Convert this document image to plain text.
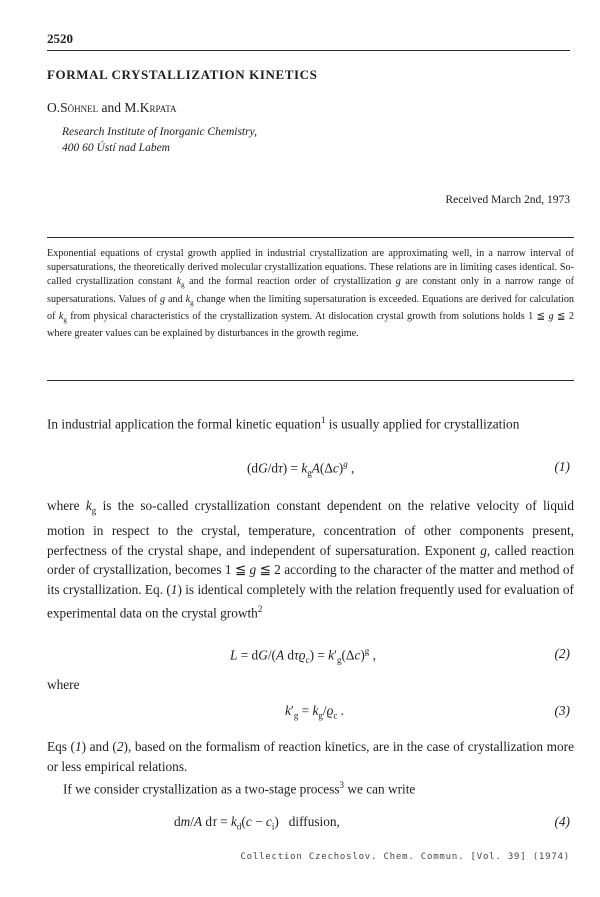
2520
FORMAL CRYSTALLIZATION KINETICS
O.Söhnel and M.Krpata
Research Institute of Inorganic Chemistry,
400 60 Ústí nad Labem
Received March 2nd, 1973
Exponential equations of crystal growth applied in industrial crystallization are approximating well, in a narrow interval of supersaturations, the theoretically derived molecular crystallization equations. These relations are in limiting cases identical. So-called crystallization constant $k_g$ and the formal reaction order of crystallization g are constant only in a narrow range of supersaturations. Values of g and $k_g$ change when the limiting supersaturation is exceeded. Equations are derived for calculation of $k_g$ from physical characteristics of the crystallization system. At dislocation crystal growth from solutions holds 1 ≦ g ≦ 2 where greater values can be explained by disturbances in the growth regime.

In industrial application the formal kinetic equation$^1$ is usually applied for crystallization

$(dG/d\tau) = k_gA(\Delta c)^g$ ,	(1)

where $k_g$ is the so-called crystallization constant dependent on the relative velocity of liquid motion in respect to the crystal, temperature, concentration of other components present, perfectness of the crystal shape, and independent of supersaturation. Exponent g, called reaction order of crystallization, becomes 1 ≦ g ≦ 2 according to the character of the matter and method of its crystallization. Eq. (1) is identical completely with the relation frequently used for evaluation of experimental data on the crystal growth$^2$

L = dG/(A $d\tau ϱ_c) = k'_g(\Delta c)^g$ ,	(2)
where
$k'_g = k_g/ϱ_c$ .	(3)

Eqs (1) and (2), based on the formalism of reaction kinetics, are in the case of crystallization more or less empirical relations.

If we consider crystallization as a two-stage process$^3$ we can write

dm/A $d\tau = k_d(c - c_i)$   diffusion,	(4)
Collection Czechoslov. Chem. Commun. [Vol. 39] (1974)
